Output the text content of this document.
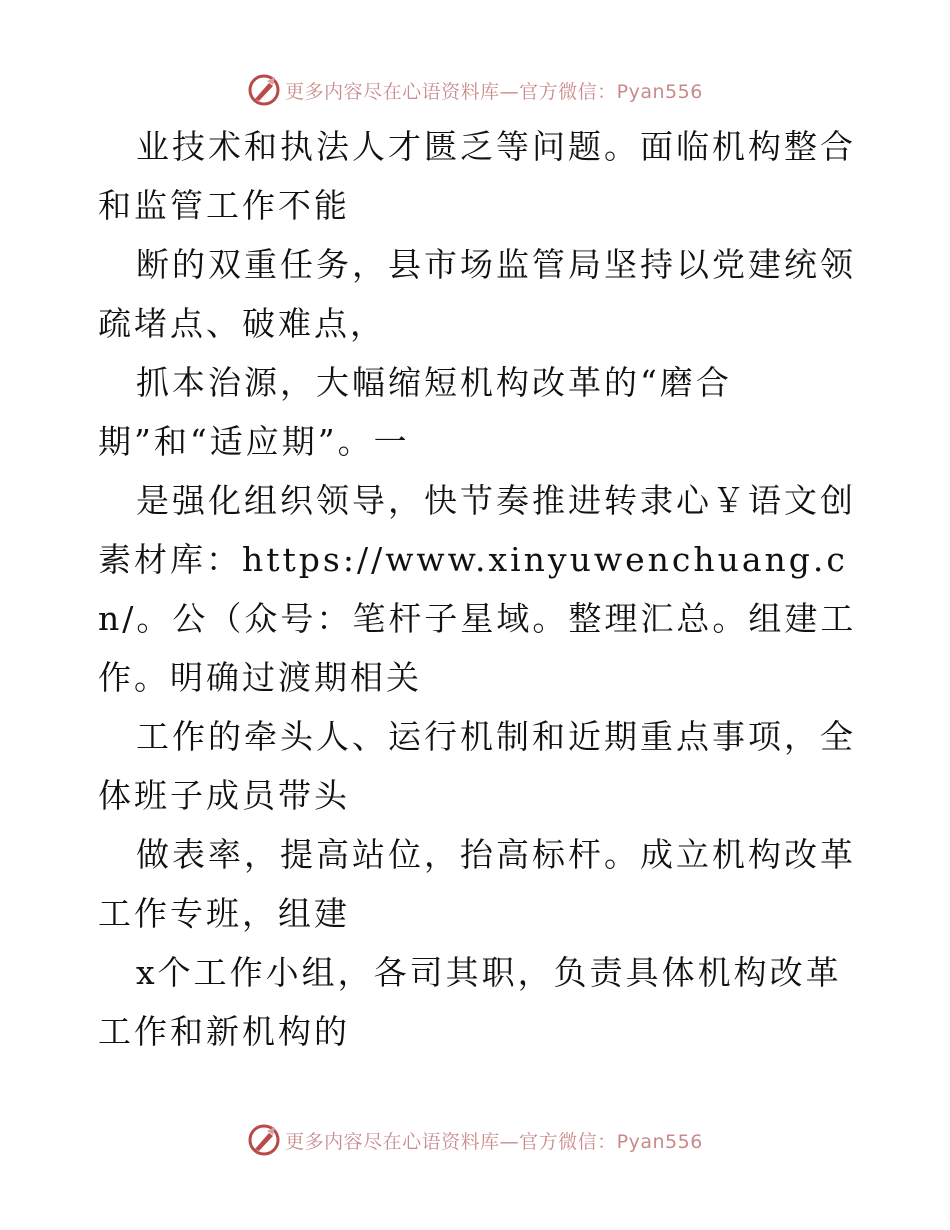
更多内容尽在心语资料库—官方微信：Pyan556

业技术和执法人才匮乏等问题。面临机构整合和监管工作不能

断的双重任务，县市场监管局坚持以党建统领疏堵点、破难点，

抓本治源，大幅缩短机构改革的“磨合期”和“适应期”。一

是强化组织领导，快节奏推进转隶心￥语文创素材库：https://www.xinyuwenchuang.cn/。公（众号：笔杆子星域。整理汇总。组建工作。明确过渡期相关

工作的牵头人、运行机制和近期重点事项，全体班子成员带头

做表率，提高站位，抬高标杆。成立机构改革工作专班，组建

x个工作小组，各司其职，负责具体机构改革工作和新机构的

更多内容尽在心语资料库—官方微信：Pyan556
